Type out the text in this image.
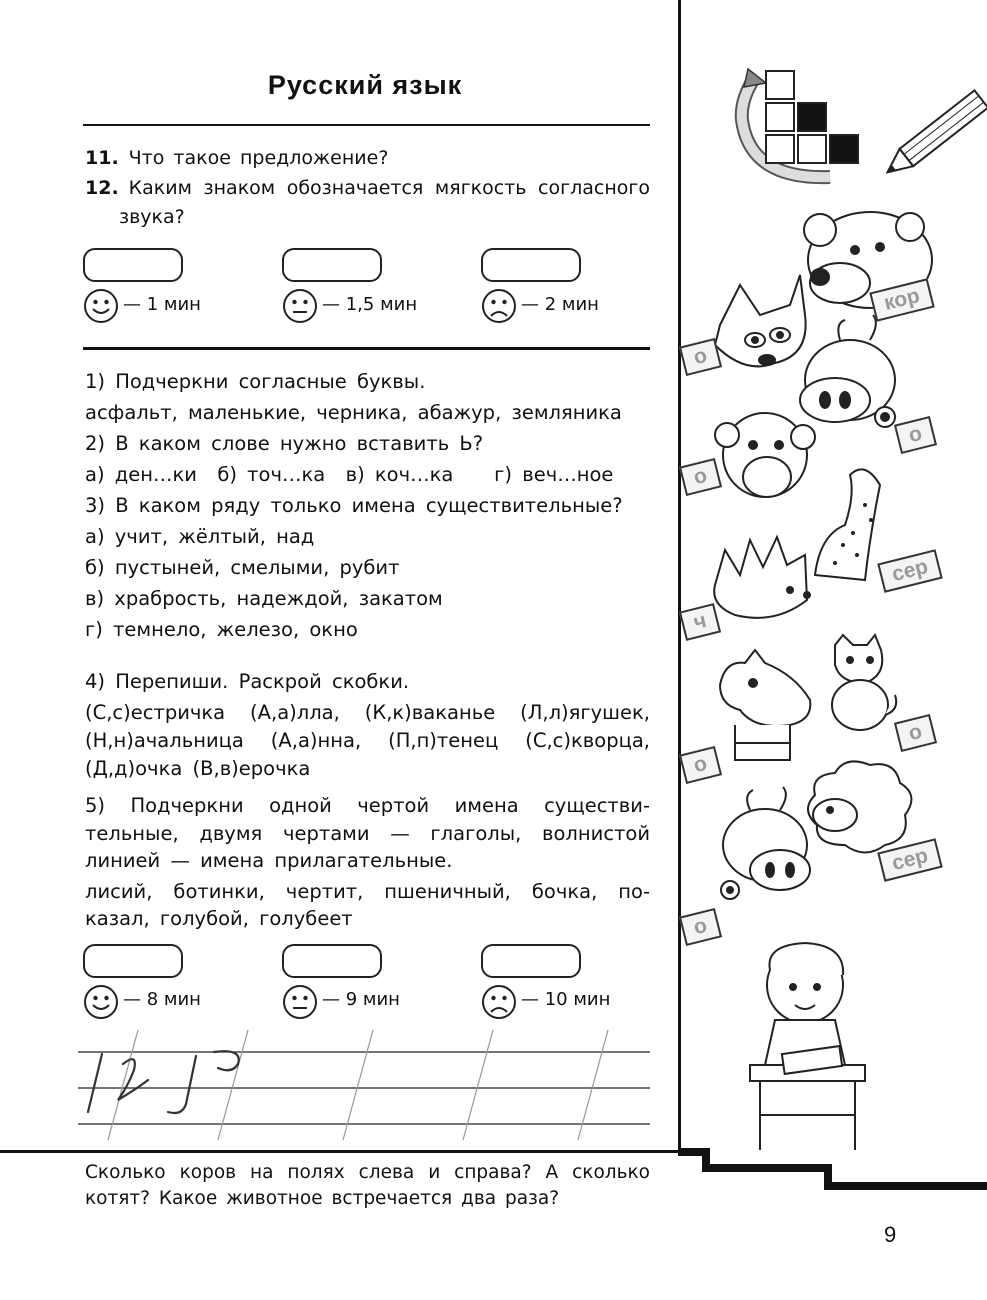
Русский язык
11. Что такое предложение?
12. Каким знаком обозначается мягкость согласного
звука?
— 1 мин	— 1,5 мин	— 2 мин
1) Подчеркни согласные буквы.
асфальт, маленькие, черника, абажур, земляника
2) В каком слове нужно вставить Ь?
а) ден…ки  б) точ…ка  в) коч…ка    г) веч…ное
3) В каком ряду только имена существительные?
а) учит, жёлтый, над
б) пустыней, смелыми, рубит
в) храбрость, надеждой, закатом
г) темнело, железо, окно
4) Перепиши. Раскрой скобки.
(С,с)естричка (А,а)лла, (К,к)ваканье (Л,л)ягушек,
(Н,н)ачальница (А,а)нна, (П,п)тенец (С,с)кворца,
(Д,д)очка (В,в)ерочка
5) Подчеркни одной чертой имена существи-
тельные, двумя чертами — глаголы, волнистой
линией — имена прилагательные.
лисий, ботинки, чертит, пшеничный, бочка, по-
казал, голубой, голубеет
— 8 мин	— 9 мин	— 10 мин
Сколько коров на полях слева и справа? А сколько
котят? Какое животное встречается два раза?
9
кор
о
о
о
сер
ч
о
о
сер
о
